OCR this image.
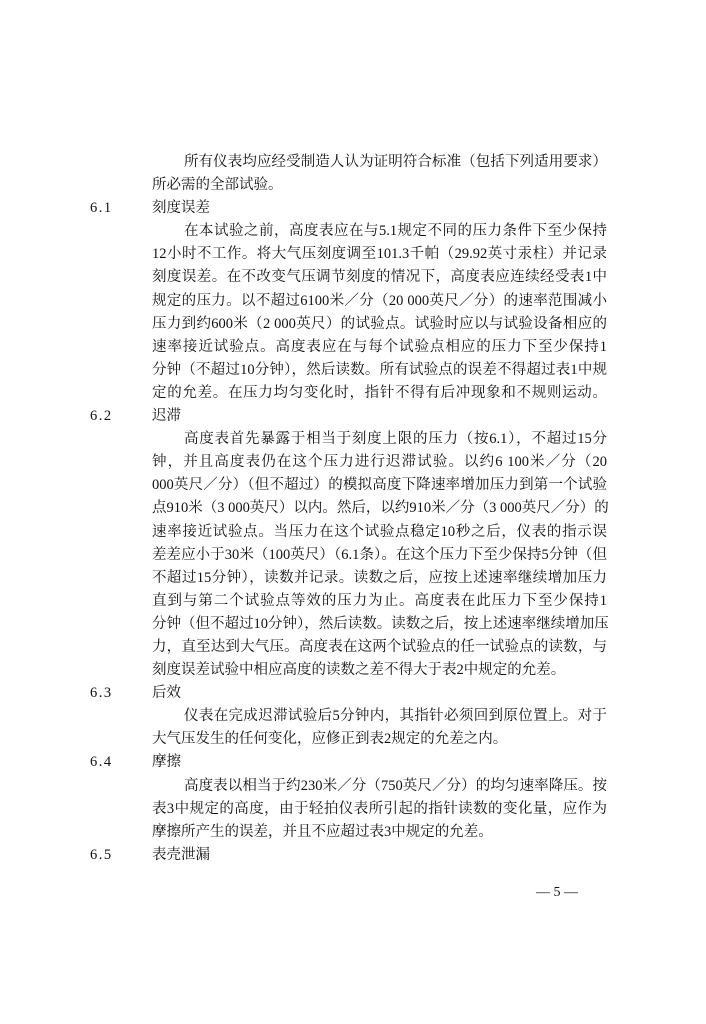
所有仪表均应经受制造人认为证明符合标准（包括下列适用要求）
所必需的全部试验。
6.1	刻度误差
在本试验之前，高度表应在与5.1规定不同的压力条件下至少保持
12小时不工作。将大气压刻度调至101.3千帕（29.92英寸汞柱）并记录
刻度误差。在不改变气压调节刻度的情况下，高度表应连续经受表1中
规定的压力。以不超过6100米／分（20 000英尺／分）的速率范围减小
压力到约600米（2 000英尺）的试验点。试验时应以与试验设备相应的
速率接近试验点。高度表应在与每个试验点相应的压力下至少保持1
分钟（不超过10分钟），然后读数。所有试验点的误差不得超过表1中规
定的允差。在压力均匀变化时，指针不得有后冲现象和不规则运动。
6.2	迟滞
高度表首先暴露于相当于刻度上限的压力（按6.1），不超过15分
钟，并且高度表仍在这个压力进行迟滞试验。以约6 100米／分（20
000英尺／分）（但不超过）的模拟高度下降速率增加压力到第一个试验
点910米（3 000英尺）以内。然后，以约910米／分（3 000英尺／分）的
速率接近试验点。当压力在这个试验点稳定10秒之后，仪表的指示误
差差应小于30米（100英尺）（6.1条）。在这个压力下至少保持5分钟（但
不超过15分钟），读数并记录。读数之后，应按上述速率继续增加压力
直到与第二个试验点等效的压力为止。高度表在此压力下至少保持1
分钟（但不超过10分钟），然后读数。读数之后，按上述速率继续增加压
力，直至达到大气压。高度表在这两个试验点的任一试验点的读数，与
刻度误差试验中相应高度的读数之差不得大于表2中规定的允差。
6.3	后效
仪表在完成迟滞试验后5分钟内，其指针必须回到原位置上。对于
大气压发生的任何变化，应修正到表2规定的允差之内。
6.4	摩擦
高度表以相当于约230米／分（750英尺／分）的均匀速率降压。按
表3中规定的高度，由于轻拍仪表所引起的指针读数的变化量，应作为
摩擦所产生的误差，并且不应超过表3中规定的允差。
6.5	表壳泄漏
— 5 —
